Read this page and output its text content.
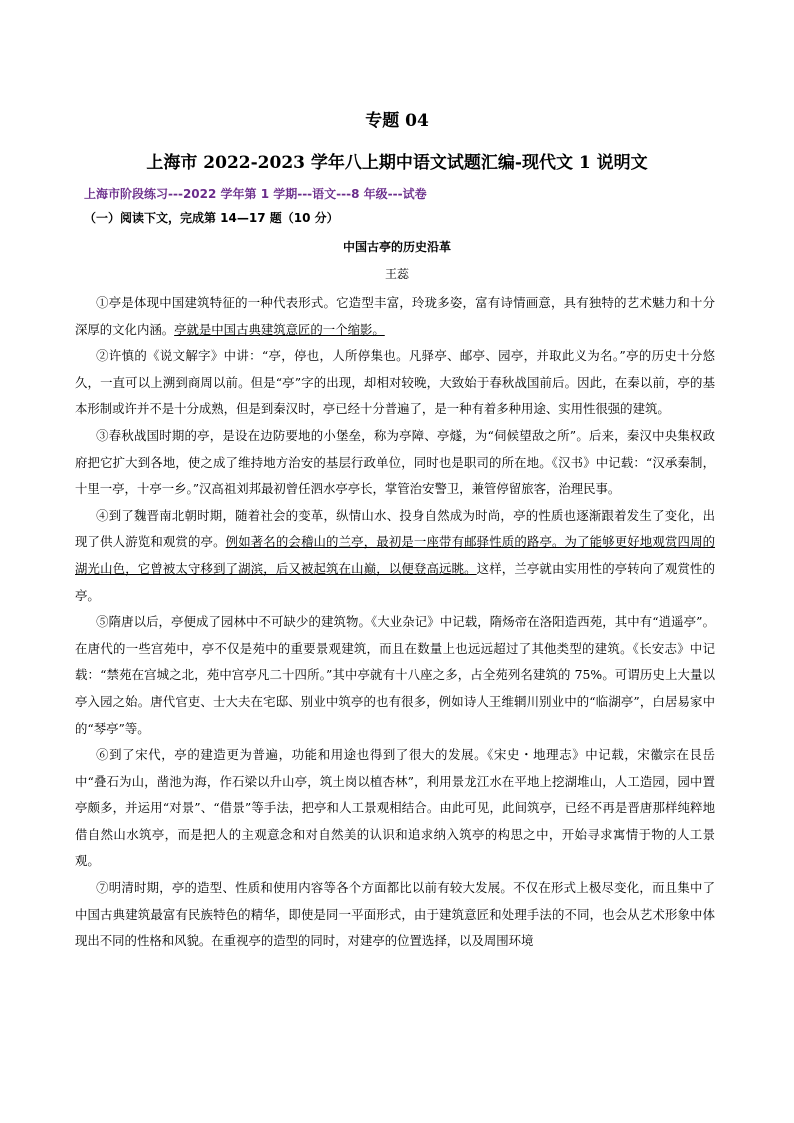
专题 04
上海市 2022-2023 学年八上期中语文试题汇编-现代文 1 说明文
上海市阶段练习---2022 学年第 1 学期---语文---8 年级---试卷
（一）阅读下文，完成第 14—17 题（10 分）
中国古亭的历史沿革
王蕊

①亭是体现中国建筑特征的一种代表形式。它造型丰富，玲珑多姿，富有诗情画意，具有独特的艺术魅力和十分深厚的文化内涵。亭就是中国古典建筑意匠的一个缩影。

②许慎的《说文解字》中讲：“亭，停也，人所停集也。凡驿亭、邮亭、园亭，并取此义为名。”亭的历史十分悠久，一直可以上溯到商周以前。但是“亭”字的出现，却相对较晚，大致始于春秋战国前后。因此，在秦以前，亭的基本形制或许并不是十分成熟，但是到秦汉时，亭已经十分普遍了，是一种有着多种用途、实用性很强的建筑。

③春秋战国时期的亭，是设在边防要地的小堡垒，称为亭障、亭燧，为“伺候望敌之所”。后来，秦汉中央集权政府把它扩大到各地，使之成了维持地方治安的基层行政单位，同时也是职司的所在地。《汉书》中记载：“汉承秦制，十里一亭，十亭一乡。”汉高祖刘邦最初曾任泗水亭亭长，掌管治安警卫，兼管停留旅客，治理民事。

④到了魏晋南北朝时期，随着社会的变革，纵情山水、投身自然成为时尚，亭的性质也逐渐跟着发生了变化，出现了供人游览和观赏的亭。例如著名的会稽山的兰亭，最初是一座带有邮驿性质的路亭。为了能够更好地观赏四周的湖光山色，它曾被太守移到了湖滨，后又被起筑在山巅，以便登高远眺。这样，兰亭就由实用性的亭转向了观赏性的亭。

⑤隋唐以后，亭便成了园林中不可缺少的建筑物。《大业杂记》中记载，隋炀帝在洛阳造西苑，其中有“逍遥亭”。在唐代的一些宫苑中，亭不仅是苑中的重要景观建筑，而且在数量上也远远超过了其他类型的建筑。《长安志》中记载：“禁苑在宫城之北，苑中宫亭凡二十四所。”其中亭就有十八座之多，占全苑列名建筑的 75%。可谓历史上大量以亭入园之始。唐代官吏、士大夫在宅邸、别业中筑亭的也有很多，例如诗人王维辋川别业中的“临湖亭”，白居易家中的“琴亭”等。

⑥到了宋代，亭的建造更为普遍，功能和用途也得到了很大的发展。《宋史・地理志》中记载，宋徽宗在艮岳中“叠石为山，凿池为海，作石梁以升山亭，筑土岗以植杏林”，利用景龙江水在平地上挖湖堆山，人工造园，园中置亭颇多，并运用“对景”、“借景”等手法，把亭和人工景观相结合。由此可见，此间筑亭，已经不再是晋唐那样纯粹地借自然山水筑亭，而是把人的主观意念和对自然美的认识和追求纳入筑亭的构思之中，开始寻求寓情于物的人工景观。

⑦明清时期，亭的造型、性质和使用内容等各个方面都比以前有较大发展。不仅在形式上极尽变化，而且集中了中国古典建筑最富有民族特色的精华，即使是同一平面形式，由于建筑意匠和处理手法的不同，也会从艺术形象中体现出不同的性格和风貌。在重视亭的造型的同时，对建亭的位置选择，以及周围环境
